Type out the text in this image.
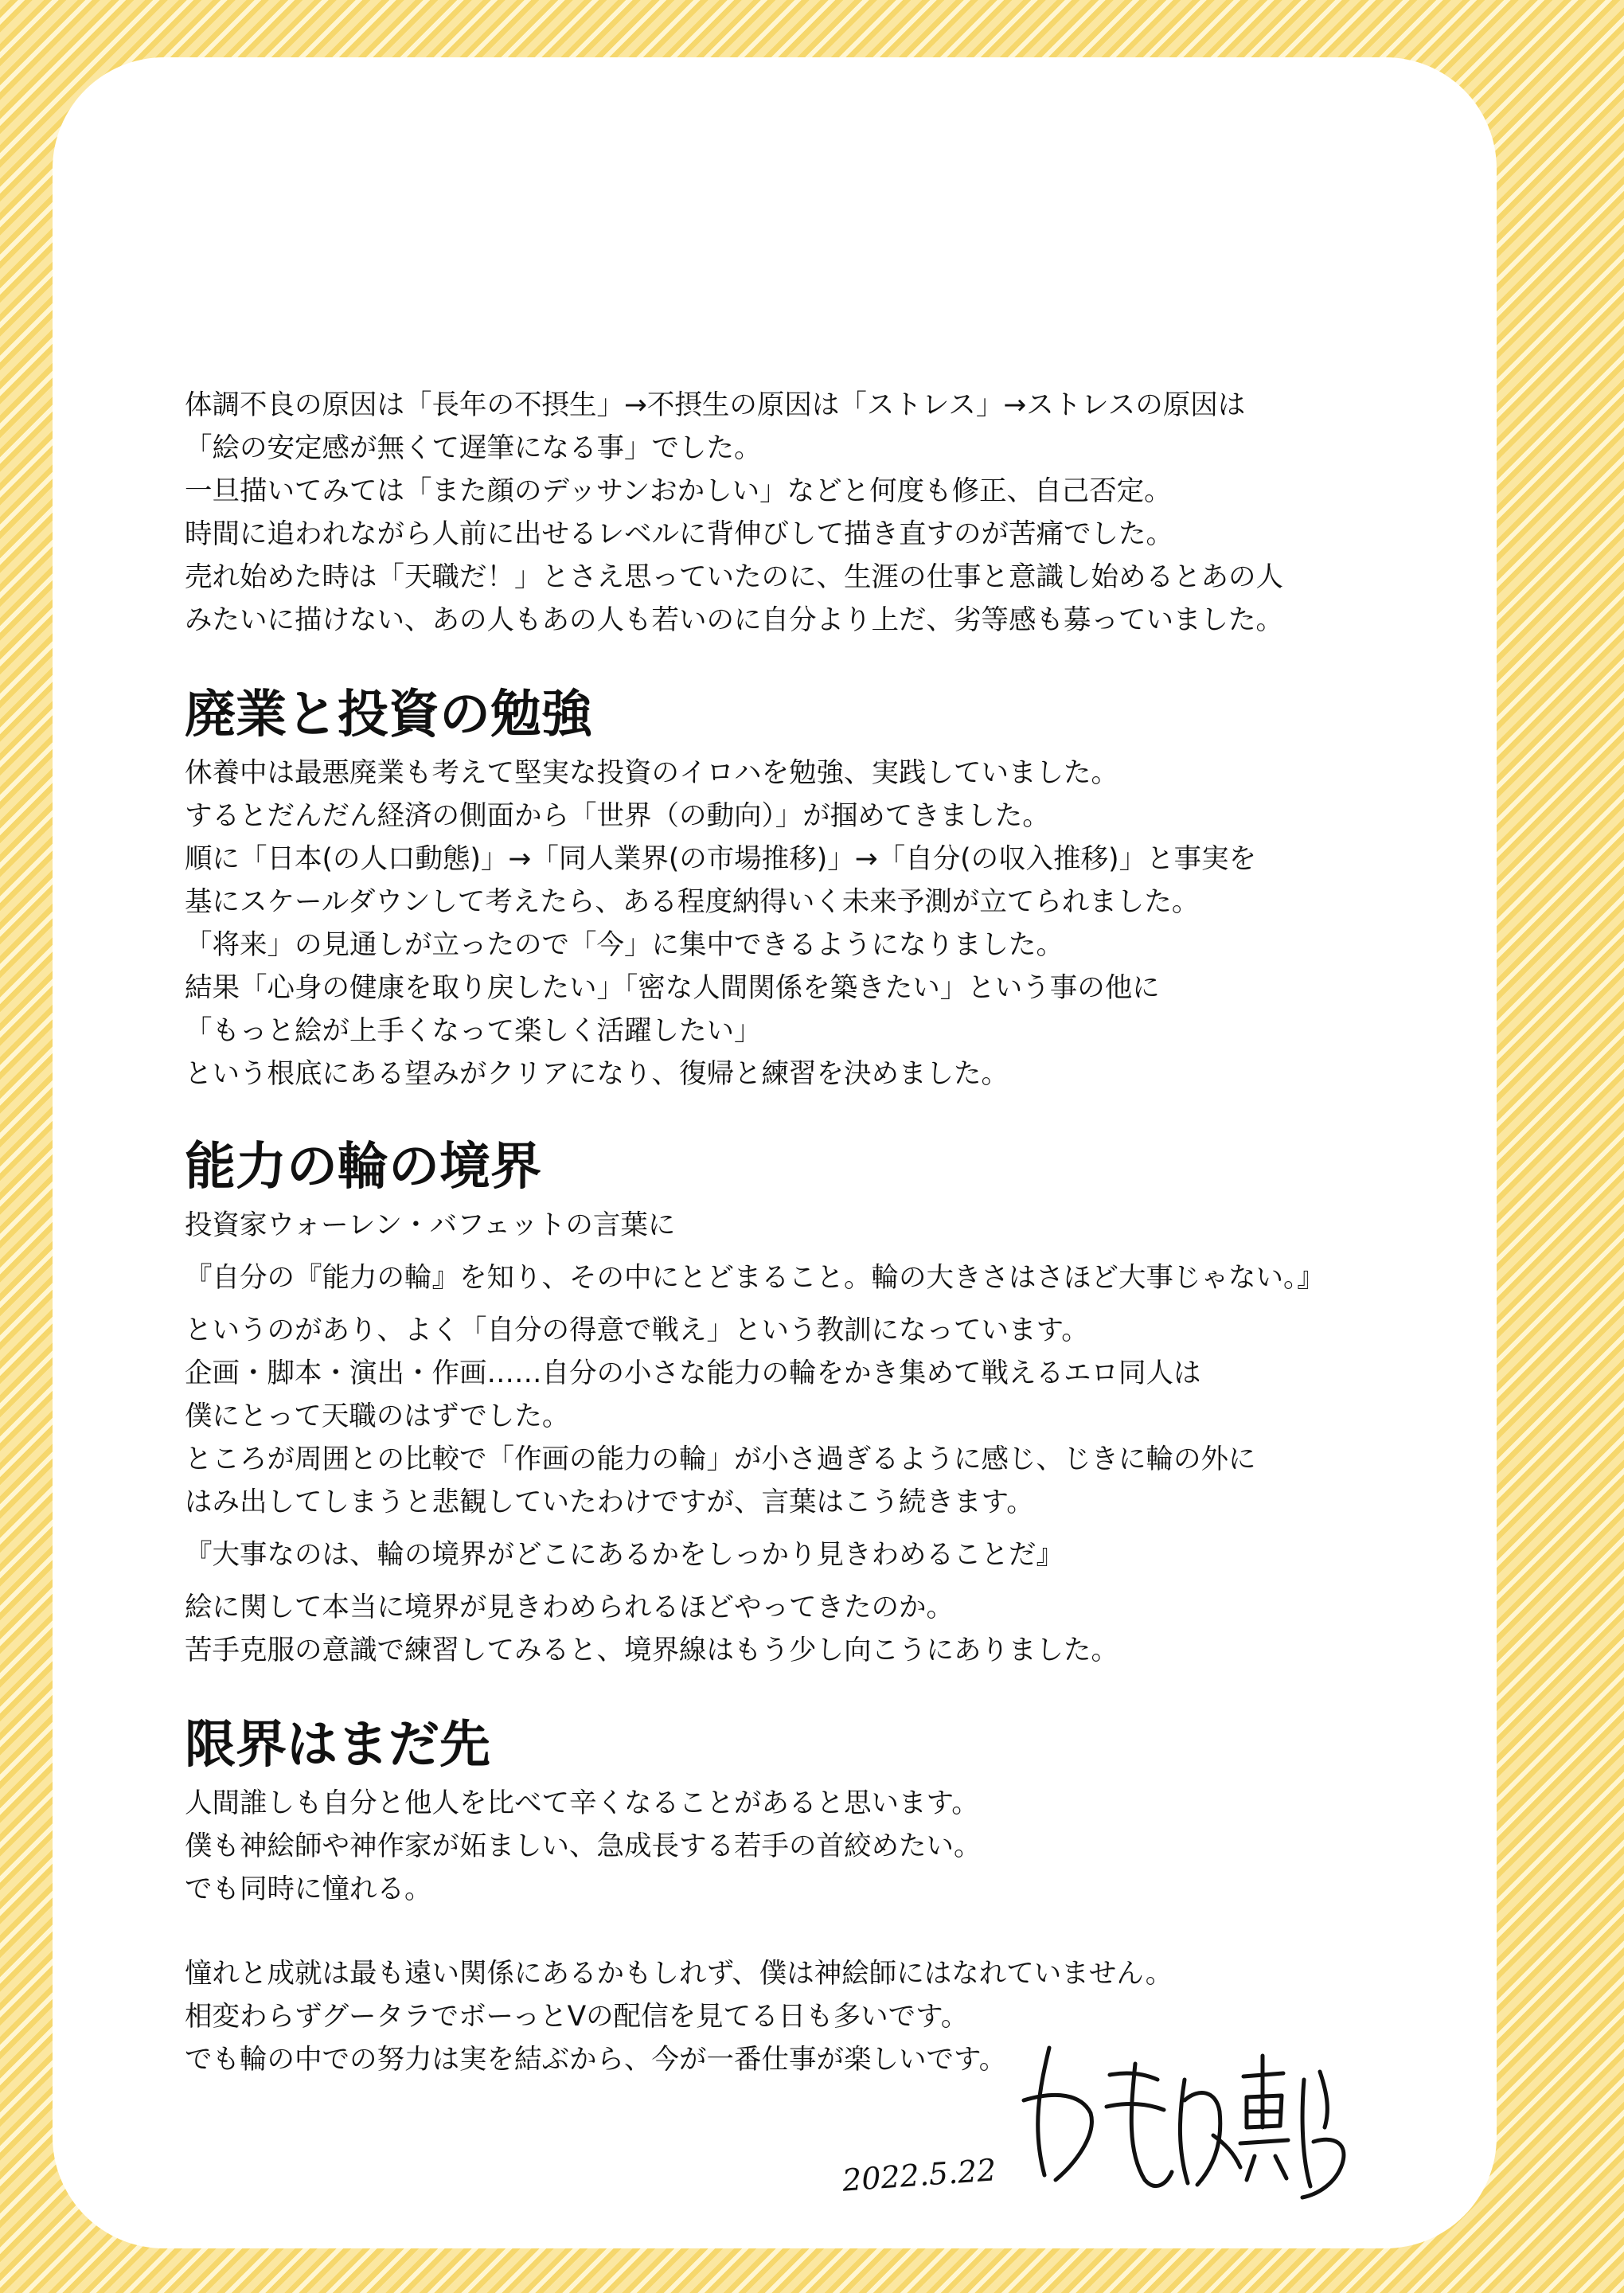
体調不良の原因は「長年の不摂生」→不摂生の原因は「ストレス」→ストレスの原因は
「絵の安定感が無くて遅筆になる事」でした。
一旦描いてみては「また顔のデッサンおかしい」などと何度も修正、自己否定。
時間に追われながら人前に出せるレベルに背伸びして描き直すのが苦痛でした。
売れ始めた時は「天職だ！」とさえ思っていたのに、生涯の仕事と意識し始めるとあの人
みたいに描けない、あの人もあの人も若いのに自分より上だ、劣等感も募っていました。
廃業と投資の勉強
休養中は最悪廃業も考えて堅実な投資のイロハを勉強、実践していました。
するとだんだん経済の側面から「世界（の動向）」が掴めてきました。
順に「日本(の人口動態)」→「同人業界(の市場推移)」→「自分(の収入推移)」と事実を
基にスケールダウンして考えたら、ある程度納得いく未来予測が立てられました。
「将来」の見通しが立ったので「今」に集中できるようになりました。
結果「心身の健康を取り戻したい」「密な人間関係を築きたい」という事の他に
「もっと絵が上手くなって楽しく活躍したい」
という根底にある望みがクリアになり、復帰と練習を決めました。
能力の輪の境界
投資家ウォーレン・バフェットの言葉に
『自分の『能力の輪』を知り、その中にとどまること。輪の大きさはさほど大事じゃない。』
というのがあり、よく「自分の得意で戦え」という教訓になっています。
企画・脚本・演出・作画……自分の小さな能力の輪をかき集めて戦えるエロ同人は
僕にとって天職のはずでした。
ところが周囲との比較で「作画の能力の輪」が小さ過ぎるように感じ、じきに輪の外に
はみ出してしまうと悲観していたわけですが、言葉はこう続きます。
『大事なのは、輪の境界がどこにあるかをしっかり見きわめることだ』
絵に関して本当に境界が見きわめられるほどやってきたのか。
苦手克服の意識で練習してみると、境界線はもう少し向こうにありました。
限界はまだ先
人間誰しも自分と他人を比べて辛くなることがあると思います。
僕も神絵師や神作家が妬ましい、急成長する若手の首絞めたい。
でも同時に憧れる。
憧れと成就は最も遠い関係にあるかもしれず、僕は神絵師にはなれていません。
相変わらずグータラでボーっとVの配信を見てる日も多いです。
でも輪の中での努力は実を結ぶから、今が一番仕事が楽しいです。
2022.5.22
